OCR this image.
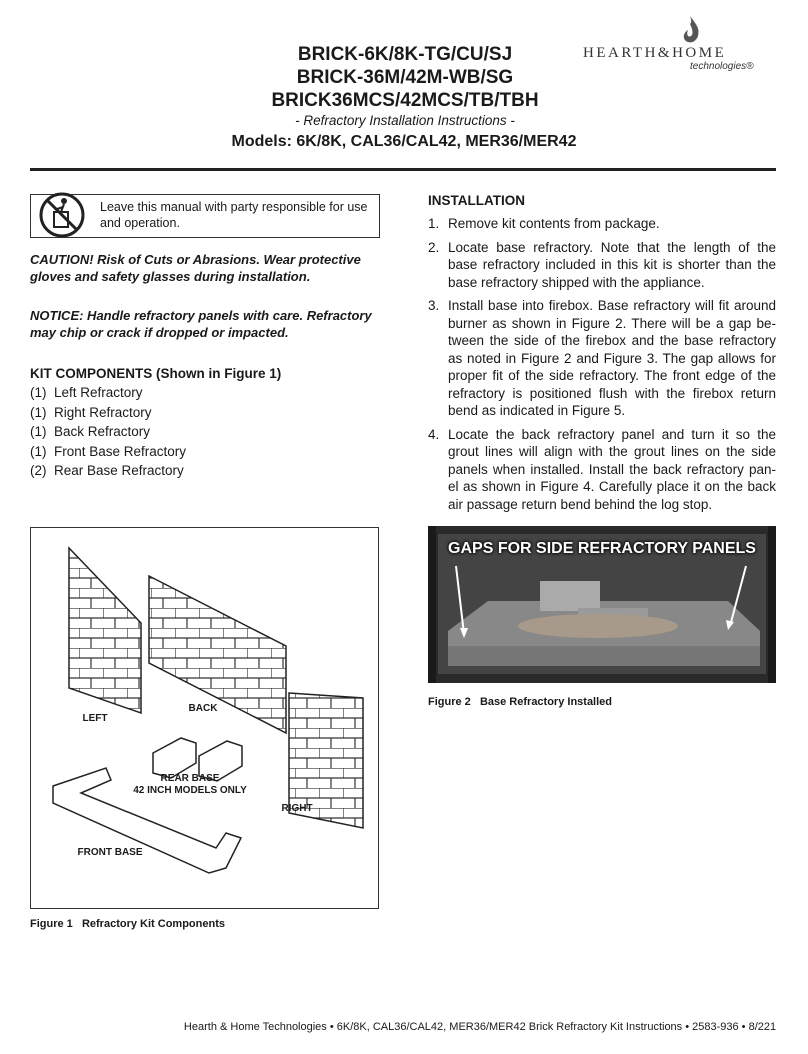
BRICK-6K/8K-TG/CU/SJ
BRICK-36M/42M-WB/SG
BRICK36MCS/42MCS/TB/TBH
- Refractory Installation Instructions -
Models: 6K/8K, CAL36/CAL42, MER36/MER42
HEARTH&HOME
technologies®
Leave this manual with party responsible for use and operation.
CAUTION! Risk of Cuts or Abrasions. Wear protective gloves and safety glasses during installation.
NOTICE: Handle refractory panels with care. Refractory may chip or crack if dropped or impacted.
KIT COMPONENTS (Shown in Figure 1)
(1)  Left Refractory
(1)  Right Refractory
(1)  Back Refractory
(1)  Front Base Refractory
(2)  Rear Base Refractory
INSTALLATION
1. Remove kit contents from package.
2. Locate base refractory. Note that the length of the base refractory included in this kit is shorter than the base refractory shipped with the appliance.
3. Install base into firebox. Base refractory will fit around burner as shown in Figure 2. There will be a gap be-tween the side of the firebox and the base refractory as noted in Figure 2 and Figure 3. The gap allows for proper fit of the side refractory. The front edge of the refractory is positioned flush with the firebox return bend as indicated in Figure 5.
4. Locate the back refractory panel and turn it so the grout lines will align with the grout lines on the side panels when installed. Install the back refractory pan-el as shown in Figure 4. Carefully place it on the back air passage return bend behind the log stop.
LEFT
BACK
RIGHT
REAR BASE
42 INCH MODELS ONLY
FRONT BASE
Figure 1   Refractory Kit Components
GAPS FOR SIDE REFRACTORY PANELS
Figure 2   Base Refractory Installed
Hearth & Home Technologies • 6K/8K, CAL36/CAL42, MER36/MER42 Brick Refractory Kit Instructions • 2583-936 • 8/22 1
